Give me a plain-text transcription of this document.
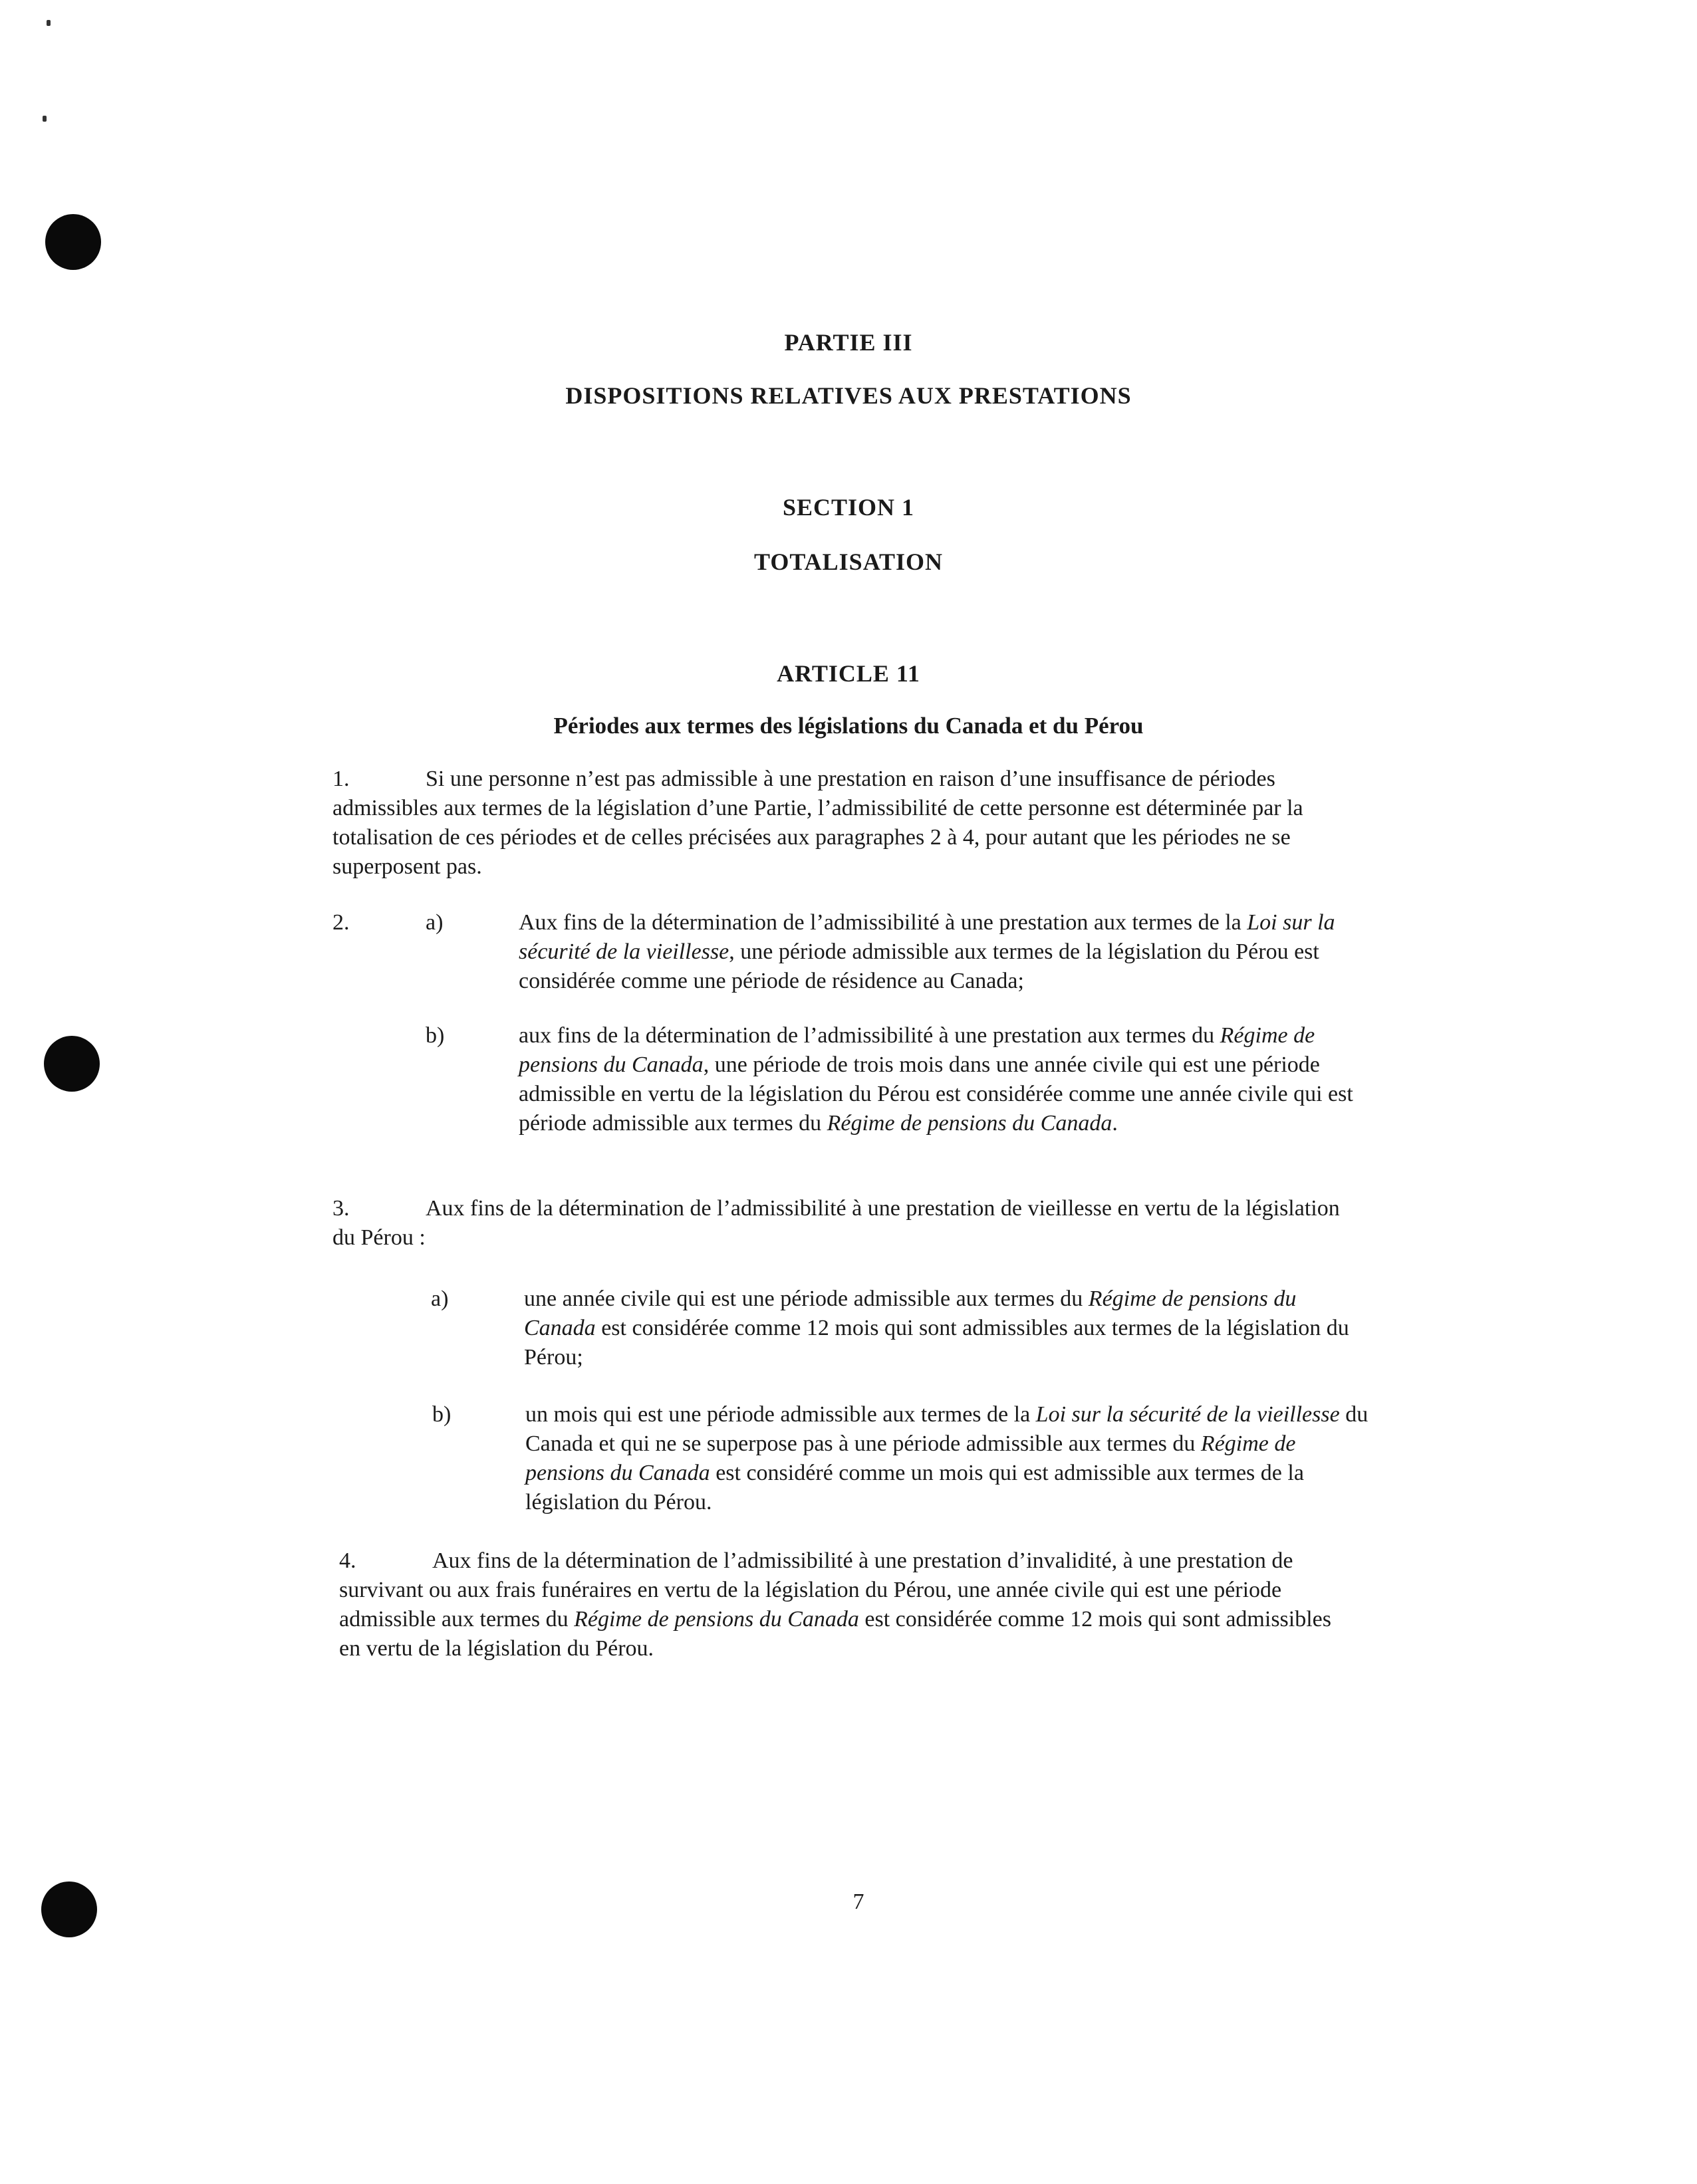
PARTIE III
DISPOSITIONS RELATIVES AUX PRESTATIONS
SECTION 1
TOTALISATION
ARTICLE 11
Périodes aux termes des législations du Canada et du Pérou

1.	Si une personne n’est pas admissible à une prestation en raison d’une insuffisance de périodes admissibles aux termes de la législation d’une Partie, l’admissibilité de cette personne est déterminée par la totalisation de ces périodes et de celles précisées aux paragraphes 2 à 4, pour autant que les périodes ne se superposent pas.

2.	a)	Aux fins de la détermination de l’admissibilité à une prestation aux termes de la Loi sur la sécurité de la vieillesse, une période admissible aux termes de la législation du Pérou est considérée comme une période de résidence au Canada;
b)	aux fins de la détermination de l’admissibilité à une prestation aux termes du Régime de pensions du Canada, une période de trois mois dans une année civile qui est une période admissible en vertu de la législation du Pérou est considérée comme une année civile qui est période admissible aux termes du Régime de pensions du Canada.

3.	Aux fins de la détermination de l’admissibilité à une prestation de vieillesse en vertu de la législation du Pérou :

a)	une année civile qui est une période admissible aux termes du Régime de pensions du Canada est considérée comme 12 mois qui sont admissibles aux termes de la législation du Pérou;
b)	un mois qui est une période admissible aux termes de la Loi sur la sécurité de la vieillesse du Canada et qui ne se superpose pas à une période admissible aux termes du Régime de pensions du Canada est considéré comme un mois qui est admissible aux termes de la législation du Pérou.

4.	Aux fins de la détermination de l’admissibilité à une prestation d’invalidité, à une prestation de survivant ou aux frais funéraires en vertu de la législation du Pérou, une année civile qui est une période admissible aux termes du Régime de pensions du Canada est considérée comme 12 mois qui sont admissibles en vertu de la législation du Pérou.

7
